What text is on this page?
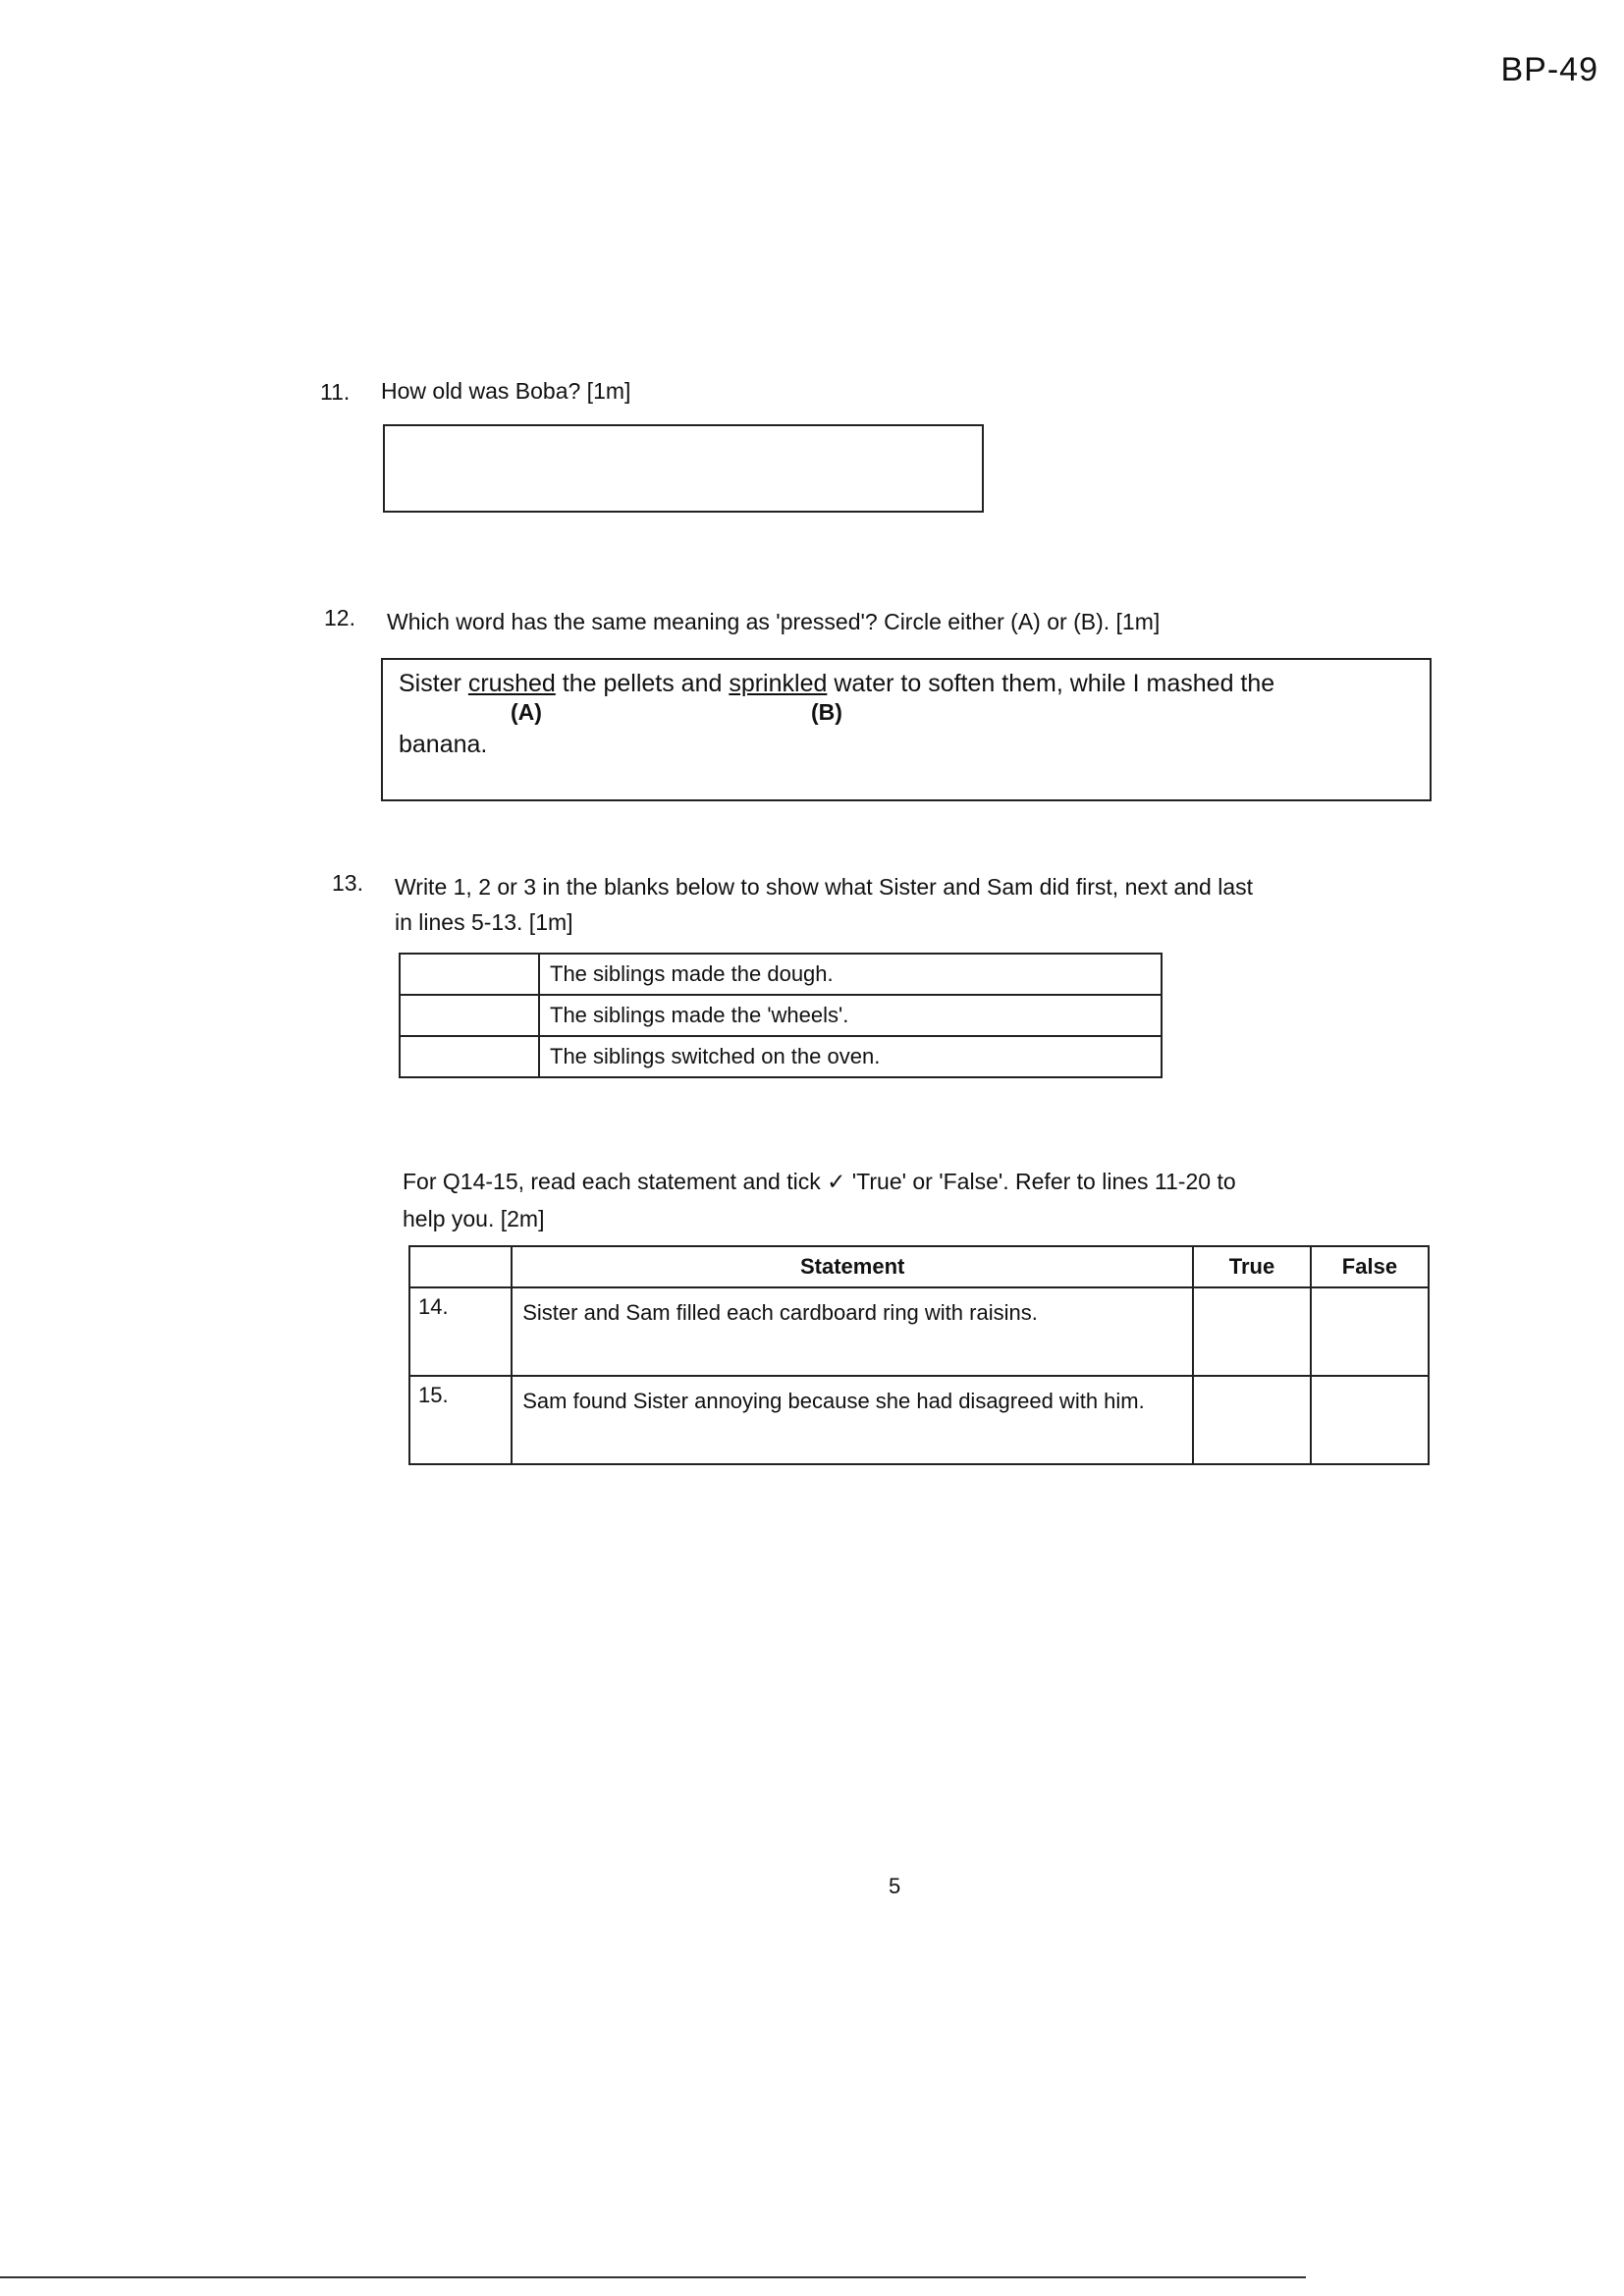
BP-49
11. How old was Boba? [1m]
12. Which word has the same meaning as 'pressed'? Circle either (A) or (B). [1m]
Sister crushed the pellets and sprinkled water to soften them, while I mashed the
(A)	(B)
banana.
13. Write 1, 2 or 3 in the blanks below to show what Sister and Sam did first, next and last
in lines 5-13. [1m]
	The siblings made the dough.
	The siblings made the 'wheels'.
	The siblings switched on the oven.
For Q14-15, read each statement and tick ✓ 'True' or 'False'. Refer to lines 11-20 to
help you. [2m]
	Statement	True	False
14.	Sister and Sam filled each cardboard ring with raisins.		
15.	Sam found Sister annoying because she had disagreed with him.		
5
